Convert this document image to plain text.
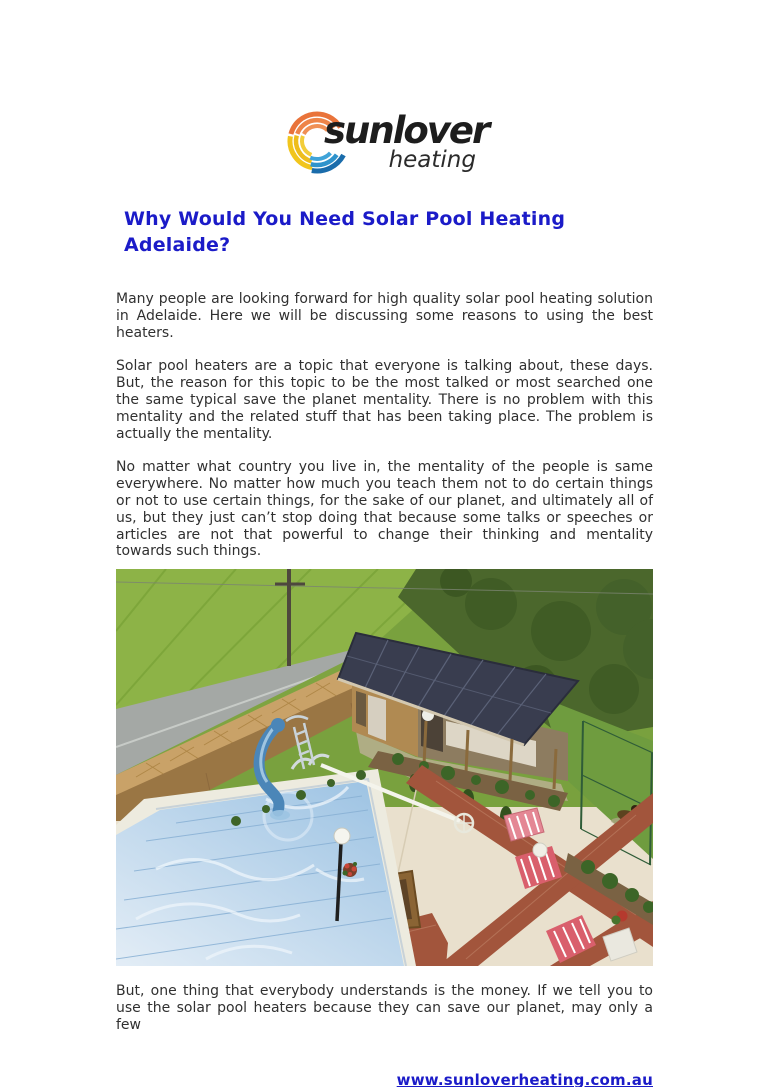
sunlover
heating
Why Would You Need Solar Pool Heating Adelaide?

Many people are looking forward for high quality solar pool heating solution in Adelaide. Here we will be discussing some reasons to using the best heaters.

Solar pool heaters are a topic that everyone is talking about, these days. But, the reason for this topic to be the most talked or most searched one the same typical save the planet mentality. There is no problem with this mentality and the related stuff that has been taking place. The problem is actually the mentality.

No matter what country you live in, the mentality of the people is same everywhere. No matter how much you teach them not to do certain things or not to use certain things, for the sake of our planet, and ultimately all of us, but they just can’t stop doing that because some talks or speeches or articles are not that powerful to change their thinking and mentality towards such things.

But, one thing that everybody understands is the money. If we tell you to use the solar pool heaters because they can save our planet, may only a few

www.sunloverheating.com.au
